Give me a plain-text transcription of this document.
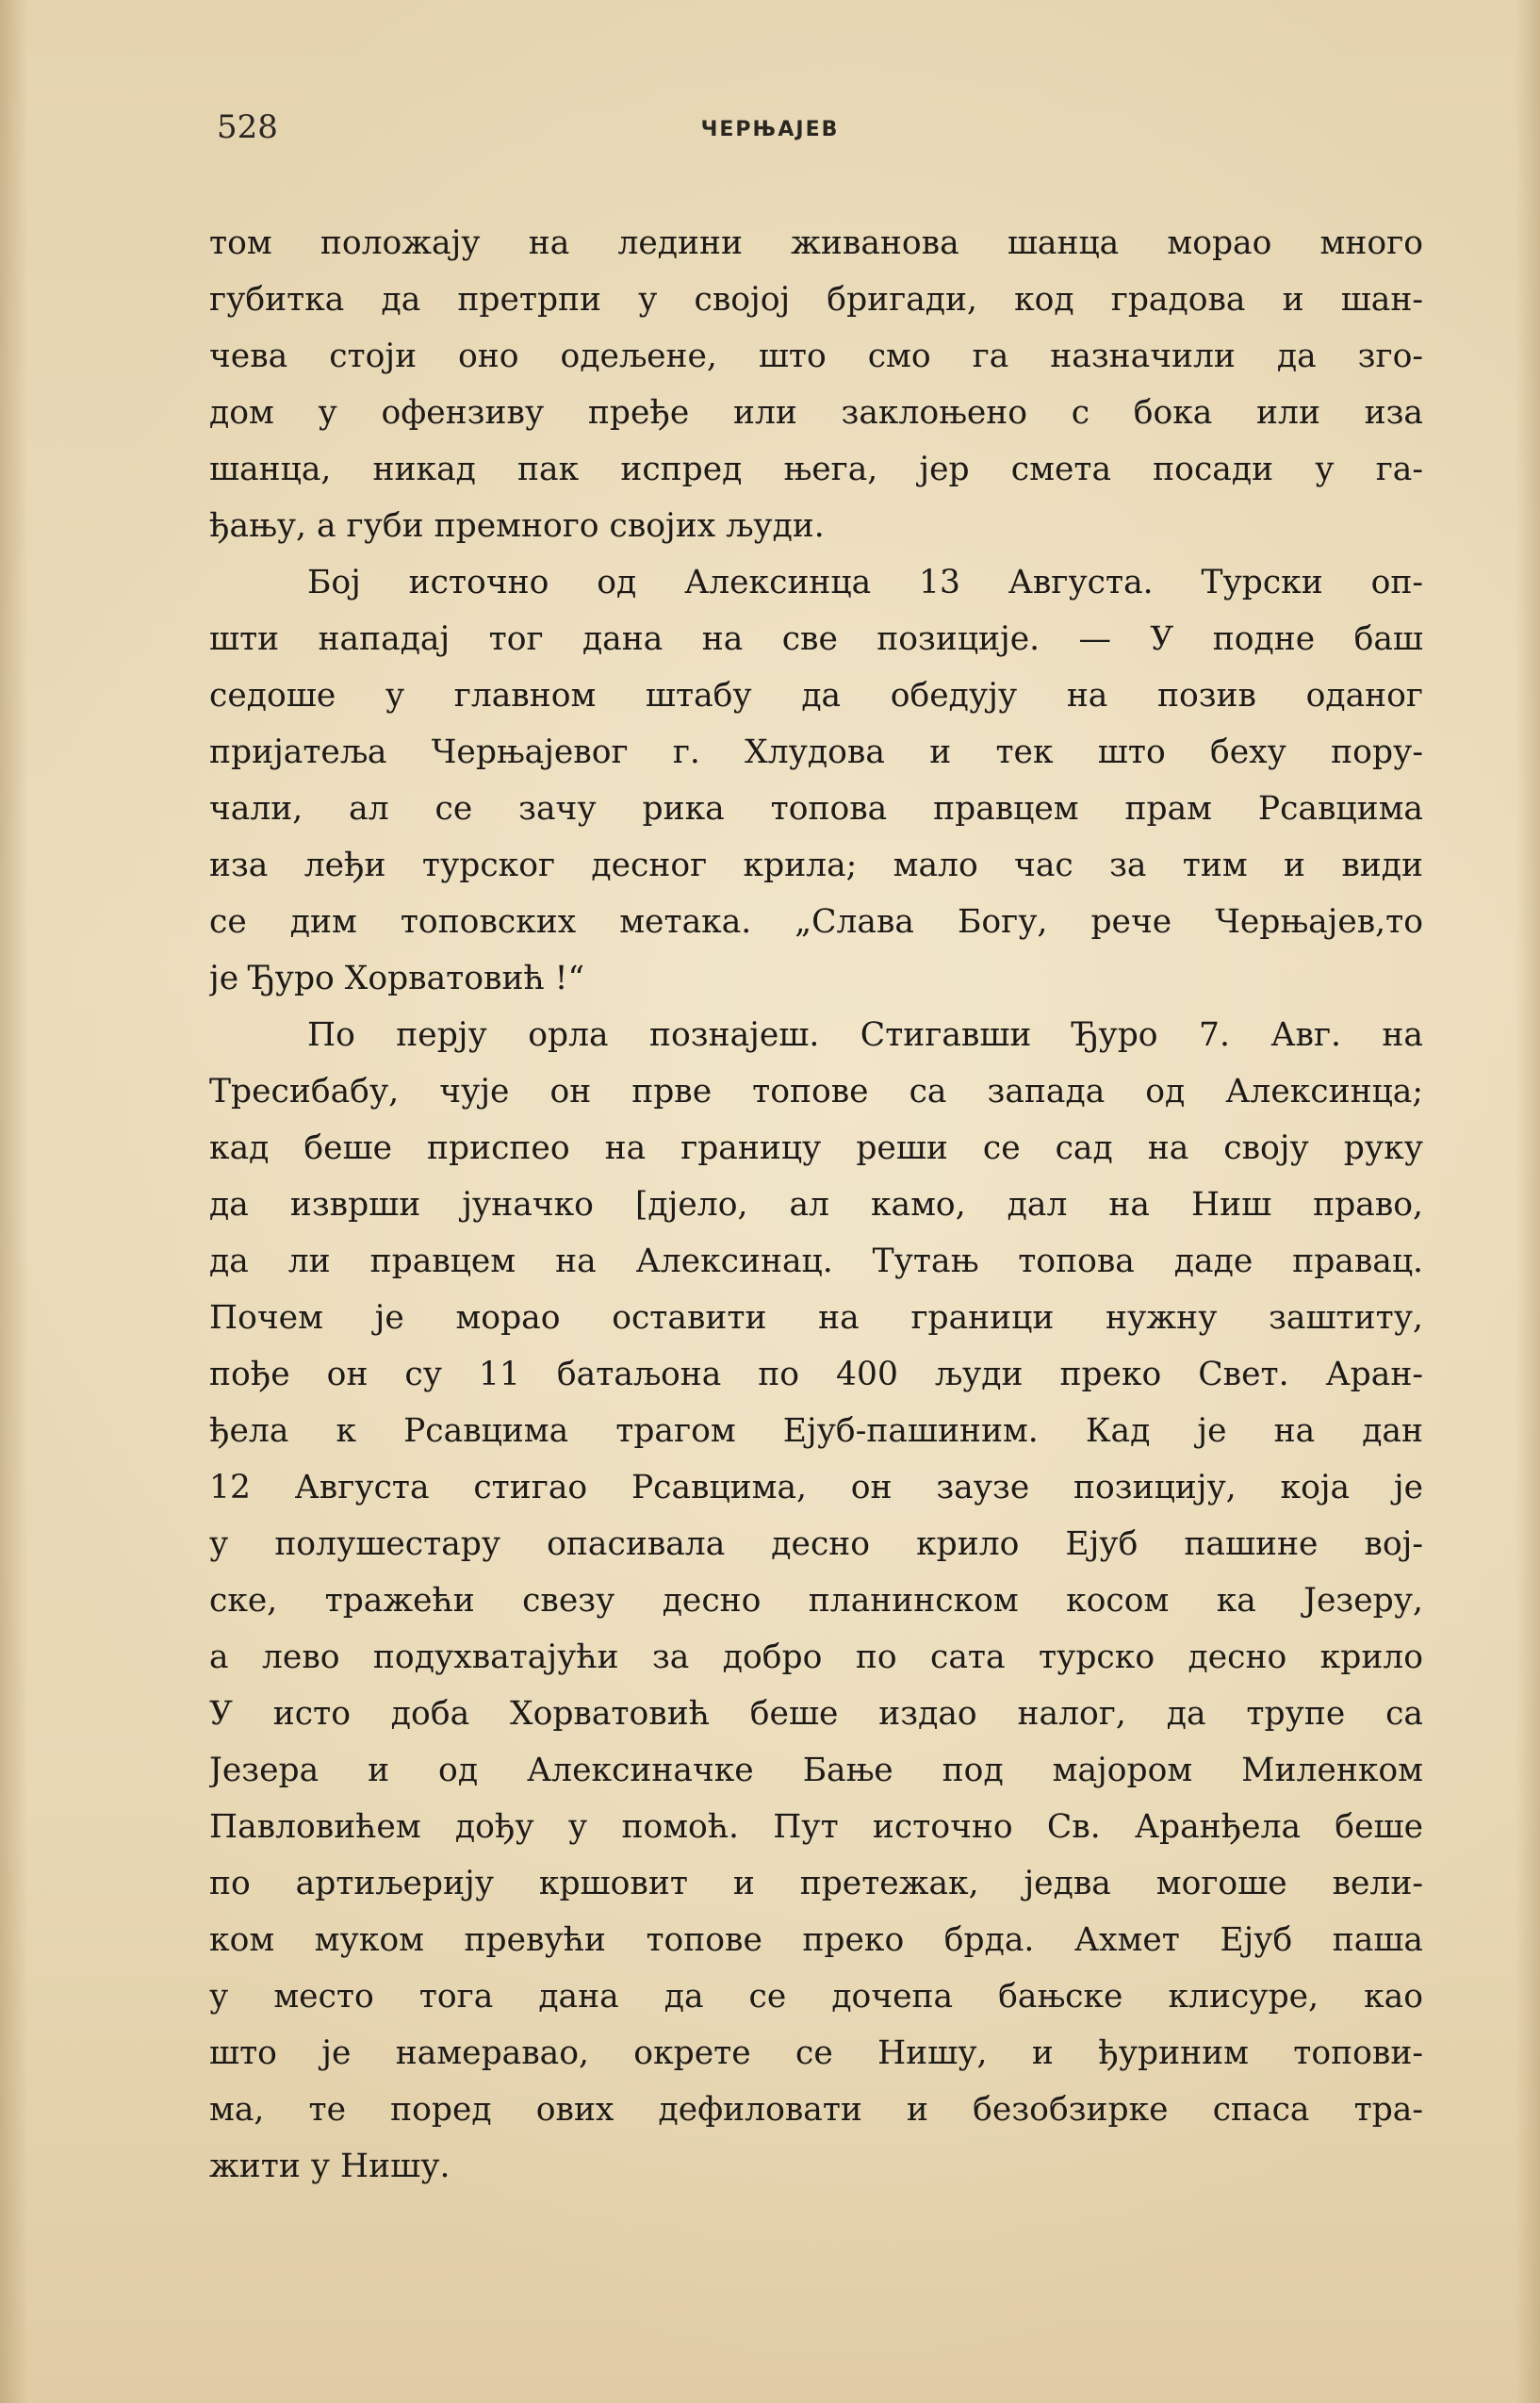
528	ЧЕРЊАЈЕВ
том положају на ледини живанова шанца морао много
губитка да претрпи у својој бригади, код градова и шан-
чева стоји оно одељене, што смо га назначили да зго-
дом у офензиву пређе или заклоњено с бока или иза
шанца, никад пак испред њега, јер смета посади у га-
ђању, а губи премного својих људи.
Бој источно од Алексинца 13 Августа. Турски оп-
шти нападај тог дана на све позиције. — У подне баш
седоше у главном штабу да обедују на позив оданог
пријатеља Черњајевог г. Хлудова и тек што беху пору-
чали, ал се зачу рика топова правцем прам Рсавцима
иза леђи турског десног крила; мало час за тим и види
се дим топовских метака. „Слава Богу, рече Черњајев,то
је Ђуро Хорватовић !“
По перју орла познајеш. Стигавши Ђуро 7. Авг. на
Тресибабу, чује он прве топове са запада од Алексинца;
кад беше приспео на границу реши се сад на своју руку
да изврши јуначко [дјело, ал камо, дал на Ниш право,
да ли правцем на Алексинац. Тутањ топова даде правац.
Почем је морао оставити на граници нужну заштиту,
пође он су 11 батаљона по 400 људи преко Свет. Аран-
ђела к Рсавцима трагом Ејуб-пашиним. Кад је на дан
12 Августа стигао Рсавцима, он заузе позицију, која је
у полушестару опасивала десно крило Ејуб пашине вој-
ске, тражећи свезу десно планинском косом ка Језеру,
а лево подухватајући за добро по сата турско десно крило
У исто доба Хорватовић беше издао налог, да трупе са
Језера и од Алексиначке Бање под мајором Миленком
Павловићем дођу у помоћ. Пут источно Св. Аранђела беше
по артиљерију кршовит и претежак, једва могоше вели-
ком муком превући топове преко брда. Ахмет Ејуб паша
у место тога дана да се дочепа бањске клисуре, као
што је намеравао, окрете се Нишу, и ђуриним топови-
ма, те поред ових дефиловати и безобзирке спаса тра-
жити у Нишу.
